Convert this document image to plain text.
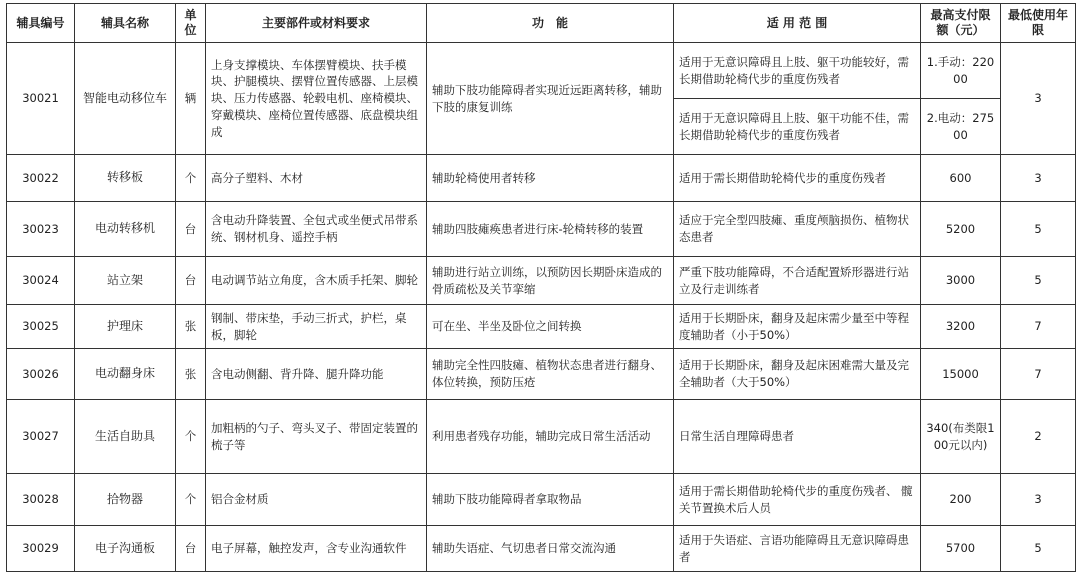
辅具编号	辅具名称	单位	主要部件或材料要求	功　能	适 用 范 围	最高支付限额（元）	最低使用年限
30021	智能电动移位车	辆	上身支撑模块、车体摆臂模块、扶手模块、护腿模块、摆臂位置传感器、上层模块、压力传感器、轮毂电机、座椅模块、穿戴模块、座椅位置传感器、底盘模块组成	辅助下肢功能障碍者实现近远距离转移，辅助下肢的康复训练	适用于无意识障碍且上肢、躯干功能较好，需长期借助轮椅代步的重度伤残者	1.手动：22000	3
					适用于无意识障碍且上肢、躯干功能不佳，需长期借助轮椅代步的重度伤残者	2.电动：27500	
30022	转移板	个	高分子塑料、木材	辅助轮椅使用者转移	适用于需长期借助轮椅代步的重度伤残者	600	3
30023	电动转移机	台	含电动升降装置、全包式或坐便式吊带系统、钢材机身、遥控手柄	辅助四肢瘫痪患者进行床-轮椅转移的装置	适应于完全型四肢瘫、重度颅脑损伤、植物状态患者	5200	5
30024	站立架	台	电动调节站立角度，含木质手托架、脚轮	辅助进行站立训练，以预防因长期卧床造成的骨质疏松及关节挛缩	严重下肢功能障碍，不合适配置矫形器进行站立及行走训练者	3000	5
30025	护理床	张	钢制、带床垫，手动三折式，护栏，桌板，脚轮	可在坐、半坐及卧位之间转换	适用于长期卧床，翻身及起床需少量至中等程度辅助者（小于50%）	3200	7
30026	电动翻身床	张	含电动侧翻、背升降、腿升降功能	辅助完全性四肢瘫、植物状态患者进行翻身、体位转换，预防压疮	适用于长期卧床，翻身及起床困难需大量及完全辅助者（大于50%）	15000	7
30027	生活自助具	个	加粗柄的勺子、弯头叉子、带固定装置的梳子等	利用患者残存功能，辅助完成日常生活活动	日常生活自理障碍患者	340(布类限100元以内)	2
30028	拾物器	个	铝合金材质	辅助下肢功能障碍者拿取物品	适用于需长期借助轮椅代步的重度伤残者、 髋关节置换术后人员	200	3
30029	电子沟通板	台	电子屏幕，触控发声，含专业沟通软件	辅助失语症、气切患者日常交流沟通	适用于失语症、言语功能障碍且无意识障碍患者	5700	5
